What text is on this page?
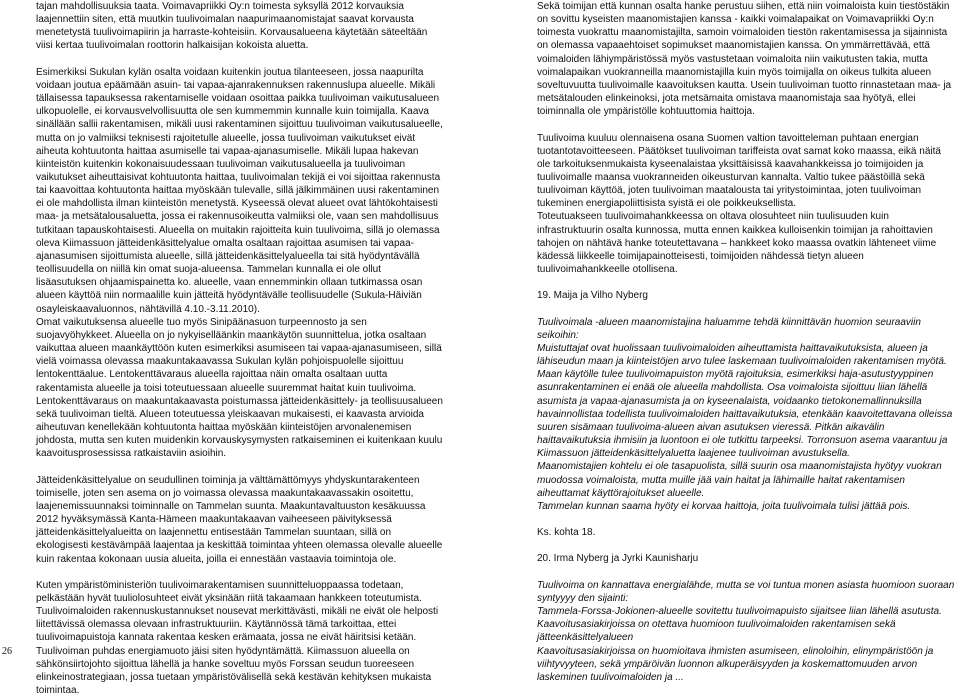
26

tajan mahdollisuuksia taata. Voimavapriikki Oy:n toimesta syksyllä 2012 korvauksia laajennettiin siten, että muutkin tuulivoimalan naapurimaanomistajat saavat korvausta menetetystä tuulivoimapiirin ja harraste-kohteisiin. Korvausalueena käytetään säteeltään viisi kertaa tuulivoimalan roottorin halkaisijan kokoista aluetta.

Esimerkiksi Sukulan kylän osalta voidaan kuitenkin joutua tilanteeseen, jossa naapurilta voidaan joutua epäämään asuin- tai vapaa-ajanrakennuksen rakennuslupa alueelle. Mikäli tällaisessa tapauksessa rakentamiselle voidaan osoittaa paikka tuulivoiman vaikutusalueen ulkopuolelle, ei korvausvelvollisuutta ole sen kummemmin kunnalle kuin toimijalla. Kaava sinällään sallii rakentamisen, mikäli uusi rakentaminen sijoittuu tuulivoiman vaikutusalueelle, mutta on jo valmiiksi teknisesti rajoitetulle alueelle, jossa tuulivoiman vaikutukset eivät aiheuta kohtuutonta haittaa asumiselle tai vapaa-ajanasumiselle. Mikäli lupaa hakevan kiinteistön kuitenkin kokonaisuudessaan tuulivoiman vaikutusalueella ja tuulivoiman vaikutukset aiheuttaisivat kohtuutonta haittaa, tuulivoimalan tekijä ei voi sijoittaa rakennusta tai kaavoittaa kohtuutonta haittaa myöskään tulevalle, sillä jälkimmäinen uusi rakentaminen ei ole mahdollista ilman kiinteistön menetystä. Kyseessä olevat alueet ovat lähtökohtaisesti maa- ja metsätalousaluetta, jossa ei rakennusoikeutta valmiiksi ole, vaan sen mahdollisuus tutkitaan tapauskohtaisesti. Alueella on muitakin rajoitteita kuin tuulivoima, sillä jo olemassa oleva Kiimassuon jätteidenkäsittelyalue omalta osaltaan rajoittaa asumisen tai vapaa-ajanasumisen sijoittumista alueelle, sillä jätteidenkäsittelyalueella tai sitä hyödyntävällä teollisuudella on niillä kin omat suoja-alueensa. Tammelan kunnalla ei ole ollut lisäasutuksen ohjaamispainetta ko. alueelle, vaan ennemminkin ollaan tutkimassa osan alueen käyttöä niin normaalille kuin jätteitä hyödyntävälle teollisuudelle (Sukula-Häiviän osayleiskaavaluonnos, nähtävillä 4.10.-3.11.2010).

Omat vaikutuksensa alueelle tuo myös Sinipäänasuon turpeennosto ja sen suojavyöhykkeet. Alueella on jo nykyiselläänkin maankäytön suunnittelua, jotka osaltaan vaikuttaa alueen maankäyttöön kuten esimerkiksi asumiseen tai vapaa-ajanasumiseen, sillä vielä voimassa olevassa maakuntakaavassa Sukulan kylän pohjoispuolelle sijoittuu lentokenttäalue. Lentokenttävaraus alueella rajoittaa näin omalta osaltaan uutta rakentamista alueelle ja toisi toteutuessaan alueelle suuremmat haitat kuin tuulivoima. Lentokenttävaraus on maakuntakaavasta poistumassa jätteidenkäsittely- ja teollisuusalueen sekä tuulivoiman tieltä. Alueen toteutuessa yleiskaavan mukaisesti, ei kaavasta arvioida aiheutuvan kenellekään kohtuutonta haittaa myöskään kiinteistöjen arvonalenemisen johdosta, mutta sen kuten muidenkin korvauskysymysten ratkaiseminen ei kuitenkaan kuulu kaavoitusprosessissa ratkaistaviin asioihin.

Jätteidenkäsittelyalue on seudullinen toiminja ja välttämättömyys yhdyskuntarakenteen toimiselle, joten sen asema on jo voimassa olevassa maakuntakaavassakin osoitettu, laajenemissuunnaksi toiminnalle on Tammelan suunta. Maakuntavaltuuston kesäkuussa 2012 hyväksymässä Kanta-Hämeen maakuntakaavan vaiheeseen päivityksessä jätteidenkäsittelyalueitta on laajennettu entisestään Tammelan suuntaan, sillä on ekologisesti kestävämpää laajentaa ja keskittää toimintaa yhteen olemassa olevalle alueelle kuin rakentaa kokonaan uusia alueita, joilla ei ennestään vastaavia toimintoja ole.

Kuten ympäristöministeriön tuulivoimarakentamisen suunnitteluoppaassa todetaan, pelkästään hyvät tuuliolosuhteet eivät yksinään riitä takaamaan hankkeen toteutumista. Tuulivoimaloiden rakennuskustannukset nousevat merkittävästi, mikäli ne eivät ole helposti liitettävissä olemassa olevaan infrastruktuuriin. Käytännössä tämä tarkoittaa, ettei tuulivoimapuistoja kannata rakentaa kesken erämaata, jossa ne eivät häiritsisi ketään. Tuulivoiman puhdas energiamuoto jäisi siten hyödyntämättä. Kiimassuon alueella on sähkönsiirtojohto sijoittua lähellä ja hanke soveltuu myös Forssan seudun tuoreeseen elinkeinostrategiaan, jossa tuetaan ympäristövälisellä sekä kestävän kehityksen mukaista toimintaa.

Sekä toimijan että kunnan osalta hanke perustuu siihen, että niin voimaloista kuin tiestöstäkin on sovittu kyseisten maanomistajien kanssa - kaikki voimalapaikat on Voimavapriikki Oy:n toimesta vuokrattu maanomistajilta, samoin voimaloiden tiestön rakentamisessa ja sijainnista on olemassa vapaaehtoiset sopimukset maanomistajien kanssa. On ymmärrettävää, että voimaloiden lähiympäristössä myös vastustetaan voimaloita niin vaikutusten takia, mutta voimalapaikan vuokranneilla maanomistajilla kuin myös toimijalla on oikeus tulkita alueen soveltuvuutta tuulivoimalle kaavoituksen kautta. Usein tuulivoiman tuotto rinnastetaan maa- ja metsätalouden elinkeinoksi, jota metsämaita omistava maanomistaja saa hyötyä, ellei toiminnalla ole ympäristölle kohtuuttomia haittoja.

Tuulivoima kuuluu olennaisena osana Suomen valtion tavoitteleman puhtaan energian tuotantotavoitteeseen. Päätökset tuulivoiman tariffeista ovat samat koko maassa, eikä näitä ole tarkoituksenmukaista kyseenalaistaa yksittäisissä kaavahankkeissa jo toimijoiden ja tuulivoimalle maansa vuokranneiden oikeusturvan kannalta. Valtio tukee päästöillä sekä tuulivoiman käyttöä, joten tuulivoiman maatalousta tai yritystoimintaa, joten tuulivoiman tukeminen energiapoliittisista syistä ei ole poikkeuksellista.

Toteutuakseen tuulivoimahankkeessa on oltava olosuhteet niin tuulisuuden kuin infrastruktuurin osalta kunnossa, mutta ennen kaikkea kulloisenkin toimijan ja rahoittavien tahojen on nähtävä hanke toteutettavana – hankkeet koko maassa ovatkin lähteneet viime kädessä liikkeelle toimijapainotteisesti, toimijoiden nähdessä tietyn alueen tuulivoimahankkeelle otollisena.

19. Maija ja Vilho Nyberg

Tuulivoimala -alueen maanomistajina haluamme tehdä kiinnittävän huomion seuraaviin seikoihin:

Muistuttajat ovat huolissaan tuulivoimaloiden aiheuttamista haittavaikutuksista, alueen ja lähiseudun maan ja kiinteistöjen arvo tulee laskemaan tuulivoimaloiden rakentamisen myötä. Maan käytölle tulee tuulivoimapuiston myötä rajoituksia, esimerkiksi haja-asutustyyppinen asunrakentaminen ei enää ole alueella mahdollista. Osa voimaloista sijoittuu liian lähellä asumista ja vapaa-ajanasumista ja on kyseenalaista, voidaanko tietokonemallinnuksilla havainnollistaa todellista tuulivoimaloiden haittavaikutuksia, etenkään kaavoitettavana olleissa suuren sisämaan tuulivoima-alueen aivan asutuksen vieressä. Pitkän aikavälin haittavaikutuksia ihmisiin ja luontoon ei ole tutkittu tarpeeksi. Torronsuon asema vaarantuu ja Kiimassuon jätteidenkäsittelyaluetta laajenee tuulivoiman avustuksella.

Maanomistajien kohtelu ei ole tasapuolista, sillä suurin osa maanomistajista hyötyy vuokran muodossa voimaloista, mutta muille jää vain haitat ja lähimaille haitat rakentamisen aiheuttamat käyttörajoitukset alueelle.

Tammelan kunnan saama hyöty ei korvaa haittoja, joita tuulivoimala tulisi jättää pois.

Ks. kohta 18.

20. Irma Nyberg ja Jyrki Kaunisharju

Tuulivoima on kannattava energialähde, mutta se voi tuntua monen asiasta huomioon suoraan syntyyyy den sijainti:

Tammela-Forssa-Jokionen-alueelle sovitettu tuulivoimapuisto sijaitsee liian lähellä asutusta.

Kaavoitusasiakirjoissa on otettava huomioon tuulivoimaloiden rakentamisen sekä jätteenkäsittelyalueen

Kaavoitusasiakirjoissa on huomioitava ihmisten asumiseen, elinoloihin, elinympäristöön ja viihtyvyyteen, sekä ympäröivän luonnon alkuperäisyyden ja koskemattomuuden arvon laskeminen tuulivoimaloiden ja ...
